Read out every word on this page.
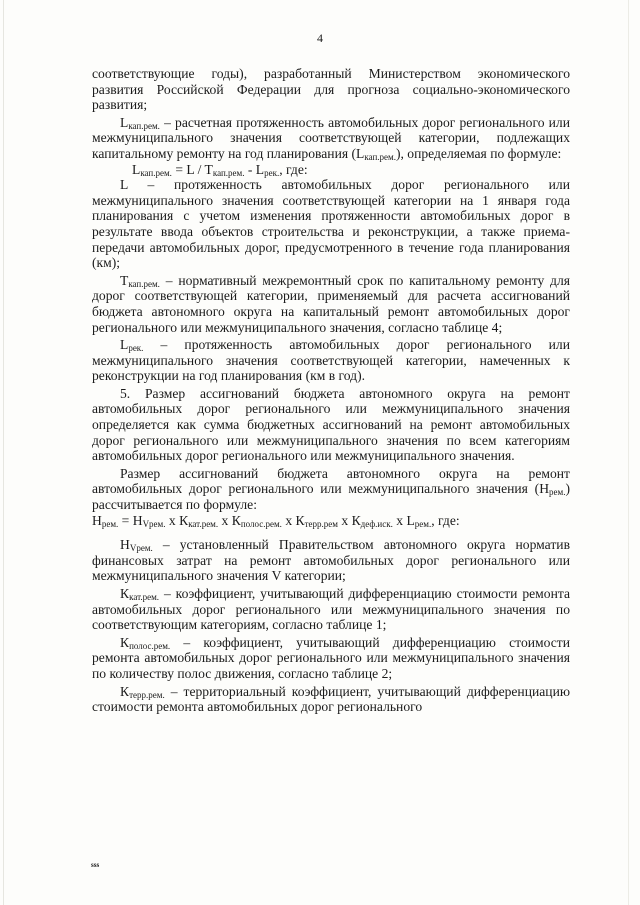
4

соответствующие годы), разработанный Министерством экономического развития Российской Федерации для прогноза социально-экономического развития;

$L_{кап.рем.}$ – расчетная протяженность автомобильных дорог регионального или межмуниципального значения соответствующей категории, подлежащих капитальному ремонту на год планирования $(L_{кап.рем.})$, определяемая по формуле:

$L_{кап.рем.} = L / T_{кап.рем.} - L_{рек.}$, где:

L – протяженность автомобильных дорог регионального или межмуниципального значения соответствующей категории на 1 января года планирования с учетом изменения протяженности автомобильных дорог в результате ввода объектов строительства и реконструкции, а также приема-передачи автомобильных дорог, предусмотренного в течение года планирования (км);

$T_{кап.рем.}$ – нормативный межремонтный срок по капитальному ремонту для дорог соответствующей категории, применяемый для расчета ассигнований бюджета автономного округа на капитальный ремонт автомобильных дорог регионального или межмуниципального значения, согласно таблице 4;

$L_{рек.}$ – протяженность автомобильных дорог регионального или межмуниципального значения соответствующей категории, намеченных к реконструкции на год планирования (км в год).

5. Размер ассигнований бюджета автономного округа на ремонт автомобильных дорог регионального или межмуниципального значения определяется как сумма бюджетных ассигнований на ремонт автомобильных дорог регионального или межмуниципального значения по всем категориям автомобильных дорог регионального или межмуниципального значения.

Размер ассигнований бюджета автономного округа на ремонт автомобильных дорог регионального или межмуниципального значения $(Н_{рем.})$ рассчитывается по формуле:

$Н_{рем.} = Н_{Vрем.}$ x $К_{кат.рем.}$ x $К_{полос.рем.}$ x $К_{терр.рем}$ x $К_{деф.иск.}$ x $L_{рем.}$, где:

$Н_{Vрем.}$ – установленный Правительством автономного округа норматив финансовых затрат на ремонт автомобильных дорог регионального или межмуниципального значения V категории;

$К_{кат.рем.}$ – коэффициент, учитывающий дифференциацию стоимости ремонта автомобильных дорог регионального или межмуниципального значения по соответствующим категориям, согласно таблице 1;

$К_{полос.рем.}$ – коэффициент, учитывающий дифференциацию стоимости ремонта автомобильных дорог регионального или межмуниципального значения по количеству полос движения, согласно таблице 2;

$К_{терр.рем.}$ – территориальный коэффициент, учитывающий дифференциацию стоимости ремонта автомобильных дорог регионального

sss
